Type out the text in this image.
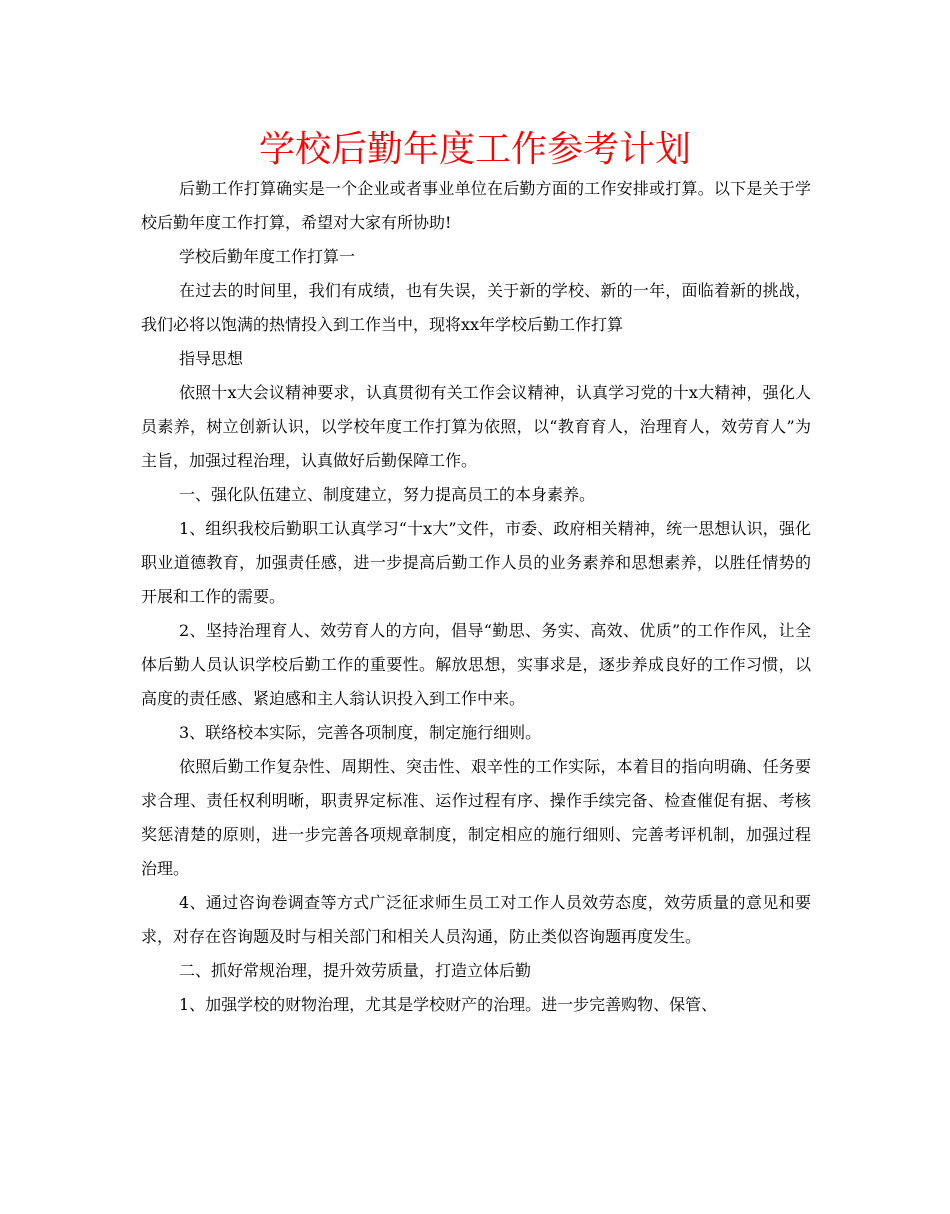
学校后勤年度工作参考计划

后勤工作打算确实是一个企业或者事业单位在后勤方面的工作安排或打算。以下是关于学校后勤年度工作打算，希望对大家有所协助!

学校后勤年度工作打算一

在过去的时间里，我们有成绩，也有失误，关于新的学校、新的一年，面临着新的挑战，我们必将以饱满的热情投入到工作当中，现将xx年学校后勤工作打算

指导思想

依照十x大会议精神要求，认真贯彻有关工作会议精神，认真学习党的十x大精神，强化人员素养，树立创新认识，以学校年度工作打算为依照，以“教育育人，治理育人，效劳育人”为主旨，加强过程治理，认真做好后勤保障工作。

一、强化队伍建立、制度建立，努力提高员工的本身素养。

1、组织我校后勤职工认真学习“十x大”文件，市委、政府相关精神，统一思想认识，强化职业道德教育，加强责任感，进一步提高后勤工作人员的业务素养和思想素养，以胜任情势的开展和工作的需要。

2、坚持治理育人、效劳育人的方向，倡导“勤思、务实、高效、优质”的工作作风，让全体后勤人员认识学校后勤工作的重要性。解放思想，实事求是，逐步养成良好的工作习惯，以高度的责任感、紧迫感和主人翁认识投入到工作中来。

3、联络校本实际，完善各项制度，制定施行细则。

依照后勤工作复杂性、周期性、突击性、艰辛性的工作实际，本着目的指向明确、任务要求合理、责任权利明晰，职责界定标准、运作过程有序、操作手续完备、检查催促有据、考核奖惩清楚的原则，进一步完善各项规章制度，制定相应的施行细则、完善考评机制，加强过程治理。

4、通过咨询卷调查等方式广泛征求师生员工对工作人员效劳态度，效劳质量的意见和要求，对存在咨询题及时与相关部门和相关人员沟通，防止类似咨询题再度发生。

二、抓好常规治理，提升效劳质量，打造立体后勤

1、加强学校的财物治理，尤其是学校财产的治理。进一步完善购物、保管、
